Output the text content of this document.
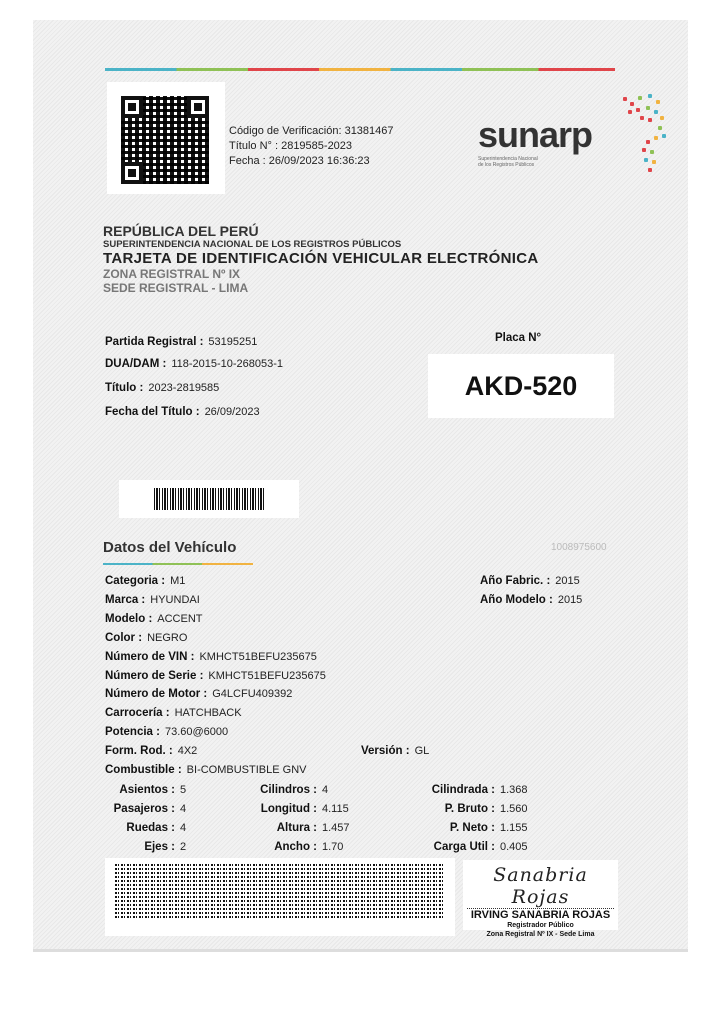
Código de Verificación: 31381467
Título N° : 2819585-2023
Fecha : 26/09/2023 16:36:23
sunarp
Superintendencia Nacional
de los Registros Públicos
REPÚBLICA DEL PERÚ
SUPERINTENDENCIA NACIONAL DE LOS REGISTROS PÚBLICOS
TARJETA DE IDENTIFICACIÓN VEHICULAR ELECTRÓNICA
ZONA REGISTRAL Nº IX
SEDE REGISTRAL - LIMA
Partida Registral : 53195251
DUA/DAM : 118-2015-10-268053-1
Título : 2023-2819585
Fecha del Título : 26/09/2023
Placa N°
AKD-520
Datos del Vehículo	1008975600
Categoria : M1
Marca : HYUNDAI
Modelo : ACCENT
Color : NEGRO
Número de VIN : KMHCT51BEFU235675
Número de Serie : KMHCT51BEFU235675
Número de Motor : G4LCFU409392
Carrocería : HATCHBACK
Potencia : 73.60@6000
Form. Rod. : 4X2
Combustible : BI-COMBUSTIBLE GNV
Año Fabric. : 2015
Año Modelo : 2015
Versión : GL
Asientos : 5	Cilindros : 4	Cilindrada : 1.368
Pasajeros : 4	Longitud : 4.115	P. Bruto : 1.560
Ruedas : 4	Altura : 1.457	P. Neto : 1.155
Ejes : 2	Ancho : 1.70	Carga Util : 0.405
Sanabria Rojas
IRVING SANABRIA ROJAS
Registrador Público
Zona Registral Nº IX - Sede Lima
